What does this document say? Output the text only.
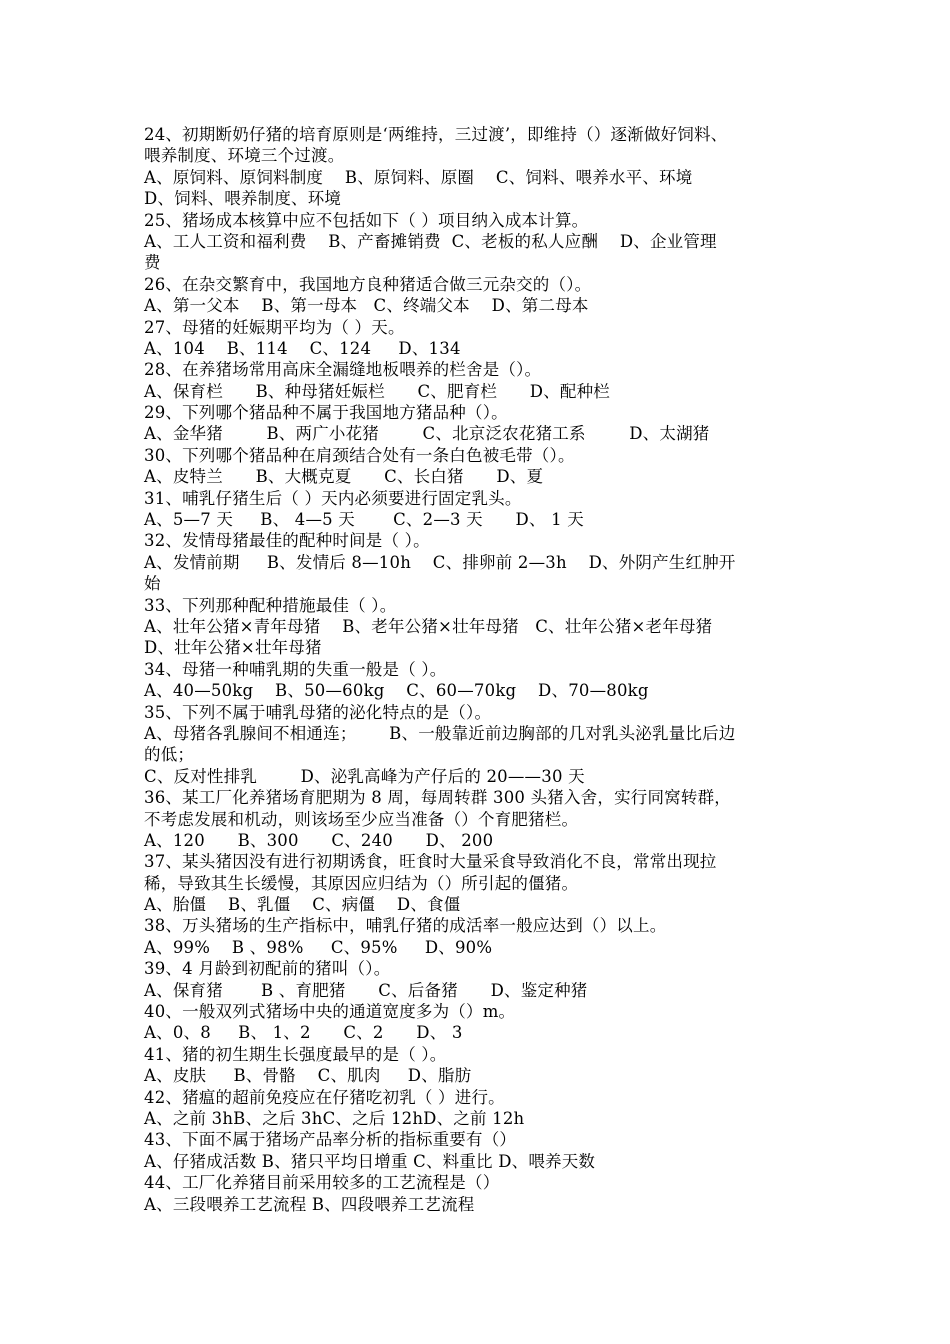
24、初期断奶仔猪的培育原则是‘两维持，三过渡’，即维持（）逐渐做好饲料、
喂养制度、环境三个过渡。
A、原饲料、原饲料制度    B、原饲料、原圈    C、饲料、喂养水平、环境
D、饲料、喂养制度、环境
25、猪场成本核算中应不包括如下（ ）项目纳入成本计算。
A、工人工资和福利费    B、产畜摊销费  C、老板的私人应酬    D、企业管理
费
26、在杂交繁育中，我国地方良种猪适合做三元杂交的（）。
A、第一父本    B、第一母本   C、终端父本    D、第二母本
27、母猪的妊娠期平均为（ ）天。
A、104    B、114    C、124     D、134
28、在养猪场常用高床全漏缝地板喂养的栏舍是（）。
A、保育栏      B、种母猪妊娠栏      C、肥育栏      D、配种栏
29、下列哪个猪品种不属于我国地方猪品种（）。
A、金华猪        B、两广小花猪        C、北京泛农花猪工系        D、太湖猪
30、下列哪个猪品种在肩颈结合处有一条白色被毛带（）。
A、皮特兰      B、大概克夏      C、长白猪      D、夏
31、哺乳仔猪生后（ ）天内必须要进行固定乳头。
A、5—7 天     B、 4—5 天       C、2—3 天      D、 1 天
32、发情母猪最佳的配种时间是（ ）。
A、发情前期     B、发情后 8—10h    C、排卵前 2—3h    D、外阴产生红肿开
始
33、下列那种配种措施最佳（ ）。
A、壮年公猪×青年母猪    B、老年公猪×壮年母猪   C、壮年公猪×老年母猪
D、壮年公猪×壮年母猪
34、母猪一种哺乳期的失重一般是（ ）。
A、40—50kg    B、50—60kg    C、60—70kg    D、70—80kg
35、下列不属于哺乳母猪的泌化特点的是（）。
A、母猪各乳腺间不相通连；      B、一般靠近前边胸部的几对乳头泌乳量比后边
的低；
C、反对性排乳        D、泌乳高峰为产仔后的 20——30 天
36、某工厂化养猪场育肥期为 8 周，每周转群 300 头猪入舍，实行同窝转群，
不考虑发展和机动，则该场至少应当准备（）个育肥猪栏。
A、120      B、300      C、240      D、 200
37、某头猪因没有进行初期诱食，旺食时大量采食导致消化不良，常常出现拉
稀，导致其生长缓慢，其原因应归结为（）所引起的僵猪。
A、胎僵    B、乳僵    C、病僵    D、食僵
38、万头猪场的生产指标中，哺乳仔猪的成活率一般应达到（）以上。
A、99%    B 、98%     C、95%     D、90%
39、4 月龄到初配前的猪叫（）。
A、保育猪       B 、育肥猪      C、后备猪      D、鉴定种猪
40、一般双列式猪场中央的通道宽度多为（）m。
A、0、8     B、 1、2      C、2      D、 3
41、猪的初生期生长强度最早的是（ ）。
A、皮肤     B、骨骼    C、肌肉     D、脂肪
42、猪瘟的超前免疫应在仔猪吃初乳（ ）进行。
A、之前 3hB、之后 3hC、之后 12hD、之前 12h
43、下面不属于猪场产品率分析的指标重要有（）
A、仔猪成活数 B、猪只平均日增重 C、料重比 D、喂养天数
44、工厂化养猪目前采用较多的工艺流程是（）
A、三段喂养工艺流程 B、四段喂养工艺流程
